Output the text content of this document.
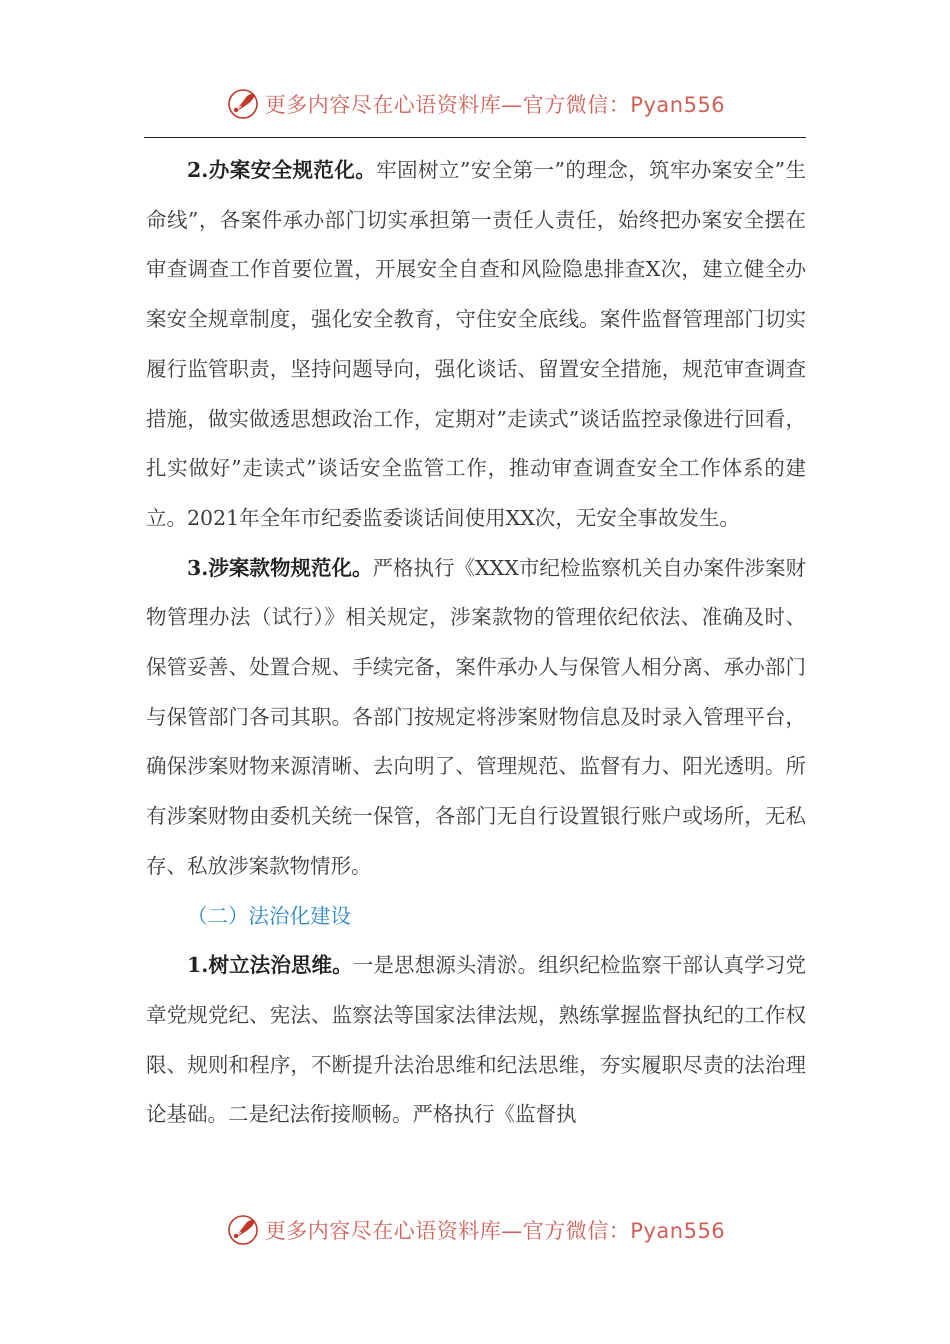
更多内容尽在心语资料库—官方微信：Pyan556

2.办案安全规范化。牢固树立”安全第一”的理念，筑牢办案安全”生命线”，各案件承办部门切实承担第一责任人责任，始终把办案安全摆在审查调查工作首要位置，开展安全自查和风险隐患排查X次，建立健全办案安全规章制度，强化安全教育，守住安全底线。案件监督管理部门切实履行监管职责，坚持问题导向，强化谈话、留置安全措施，规范审查调查措施，做实做透思想政治工作，定期对”走读式”谈话监控录像进行回看，扎实做好”走读式”谈话安全监管工作，推动审查调查安全工作体系的建立。2021年全年市纪委监委谈话间使用XX次，无安全事故发生。

3.涉案款物规范化。严格执行《XXX市纪检监察机关自办案件涉案财物管理办法（试行）》相关规定，涉案款物的管理依纪依法、准确及时、保管妥善、处置合规、手续完备，案件承办人与保管人相分离、承办部门与保管部门各司其职。各部门按规定将涉案财物信息及时录入管理平台，确保涉案财物来源清晰、去向明了、管理规范、监督有力、阳光透明。所有涉案财物由委机关统一保管，各部门无自行设置银行账户或场所，无私存、私放涉案款物情形。

（二）法治化建设

1.树立法治思维。一是思想源头清淤。组织纪检监察干部认真学习党章党规党纪、宪法、监察法等国家法律法规，熟练掌握监督执纪的工作权限、规则和程序，不断提升法治思维和纪法思维，夯实履职尽责的法治理论基础。二是纪法衔接顺畅。严格执行《监督执

更多内容尽在心语资料库—官方微信：Pyan556
